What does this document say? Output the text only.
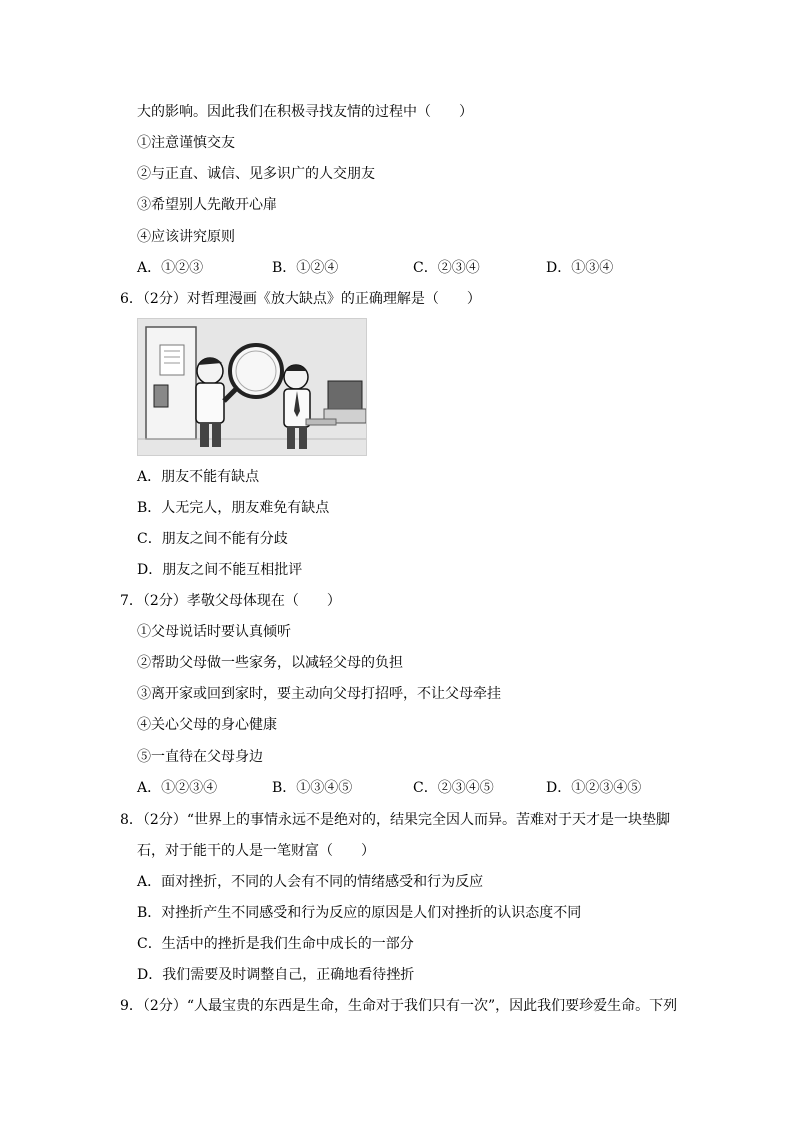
大的影响。因此我们在积极寻找友情的过程中（　　）
①注意谨慎交友
②与正直、诚信、见多识广的人交朋友
③希望别人先敞开心扉
④应该讲究原则
A．①②③	B．①②④	C．②③④	D．①③④
6．（2分）对哲理漫画《放大缺点》的正确理解是（　　）
A．朋友不能有缺点
B．人无完人，朋友难免有缺点
C．朋友之间不能有分歧
D．朋友之间不能互相批评
7．（2分）孝敬父母体现在（　　）
①父母说话时要认真倾听
②帮助父母做一些家务，以减轻父母的负担
③离开家或回到家时，要主动向父母打招呼，不让父母牵挂
④关心父母的身心健康
⑤一直待在父母身边
A．①②③④	B．①③④⑤	C．②③④⑤	D．①②③④⑤
8．（2分）“世界上的事情永远不是绝对的，结果完全因人而异。苦难对于天才是一块垫脚
石，对于能干的人是一笔财富（　　）
A．面对挫折，不同的人会有不同的情绪感受和行为反应
B．对挫折产生不同感受和行为反应的原因是人们对挫折的认识态度不同
C．生活中的挫折是我们生命中成长的一部分
D．我们需要及时调整自己，正确地看待挫折
9．（2分）“人最宝贵的东西是生命，生命对于我们只有一次”，因此我们要珍爱生命。下列
